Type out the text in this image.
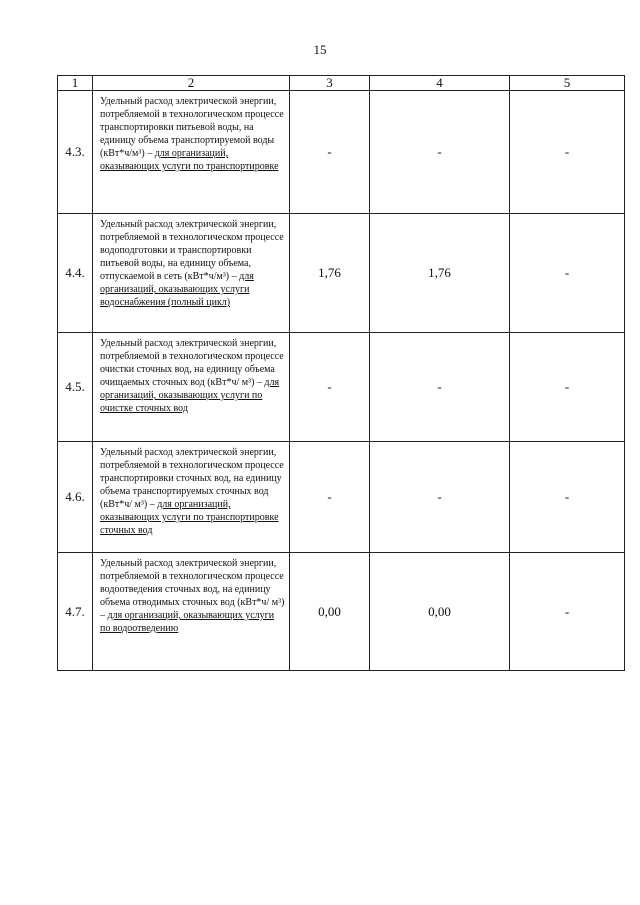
15
1	2	3	4	5
4.3.	Удельный расход электрической энергии, потребляемой в технологическом процессе транспортировки питьевой воды, на единицу объема транспортируемой воды (кВт*ч/м³) – для организаций, оказывающих услуги по транспортировке	-	-	-
4.4.	Удельный расход электрической энергии, потребляемой в технологическом процессе водоподготовки и транспортировки питьевой воды, на единицу объема, отпускаемой в сеть (кВт*ч/м³) – для организаций, оказывающих услуги водоснабжения (полный цикл)	1,76	1,76	-
4.5.	Удельный расход электрической энергии, потребляемой в технологическом процессе очистки сточных вод, на единицу объема очищаемых сточных вод (кВт*ч/ м³) – для организаций, оказывающих услуги по очистке сточных вод	-	-	-
4.6.	Удельный расход электрической энергии, потребляемой в технологическом процессе транспортировки сточных вод, на единицу объема транспортируемых сточных вод (кВт*ч/ м³) – для организаций, оказывающих услуги по транспортировке сточных вод	-	-	-
4.7.	Удельный расход электрической энергии, потребляемой в технологическом процессе водоотведения сточных вод, на единицу объема отводимых сточных вод (кВт*ч/ м³) – для организаций, оказывающих услуги по водоотведению	0,00	0,00	-
